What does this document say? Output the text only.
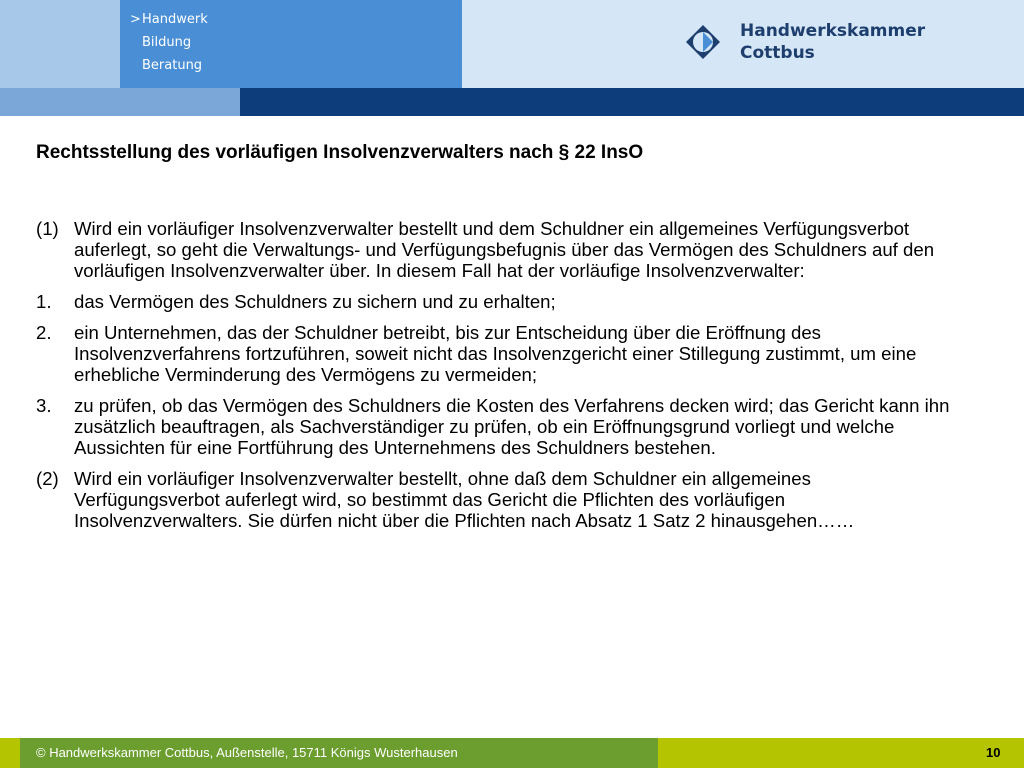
>Handwerk
Bildung
Beratung
Handwerkskammer
Cottbus
Rechtsstellung des vorläufigen Insolvenzverwalters nach § 22 InsO
(1) Wird ein vorläufiger Insolvenzverwalter bestellt und dem Schuldner ein allgemeines Verfügungsverbot auferlegt, so geht die Verwaltungs- und Verfügungsbefugnis über das Vermögen des Schuldners auf den vorläufigen Insolvenzverwalter über. In diesem Fall hat der vorläufige Insolvenzverwalter:
1. das Vermögen des Schuldners zu sichern und zu erhalten;
2. ein Unternehmen, das der Schuldner betreibt, bis zur Entscheidung über die Eröffnung des Insolvenzverfahrens fortzuführen, soweit nicht das Insolvenzgericht einer Stillegung zustimmt, um eine erhebliche Verminderung des Vermögens zu vermeiden;
3. zu prüfen, ob das Vermögen des Schuldners die Kosten des Verfahrens decken wird; das Gericht kann ihn zusätzlich beauftragen, als Sachverständiger zu prüfen, ob ein Eröffnungsgrund vorliegt und welche Aussichten für eine Fortführung des Unternehmens des Schuldners bestehen.
(2) Wird ein vorläufiger Insolvenzverwalter bestellt, ohne daß dem Schuldner ein allgemeines Verfügungsverbot auferlegt wird, so bestimmt das Gericht die Pflichten des vorläufigen Insolvenzverwalters. Sie dürfen nicht über die Pflichten nach Absatz 1 Satz 2 hinausgehen……
© Handwerkskammer Cottbus, Außenstelle, 15711 Königs Wusterhausen	10
